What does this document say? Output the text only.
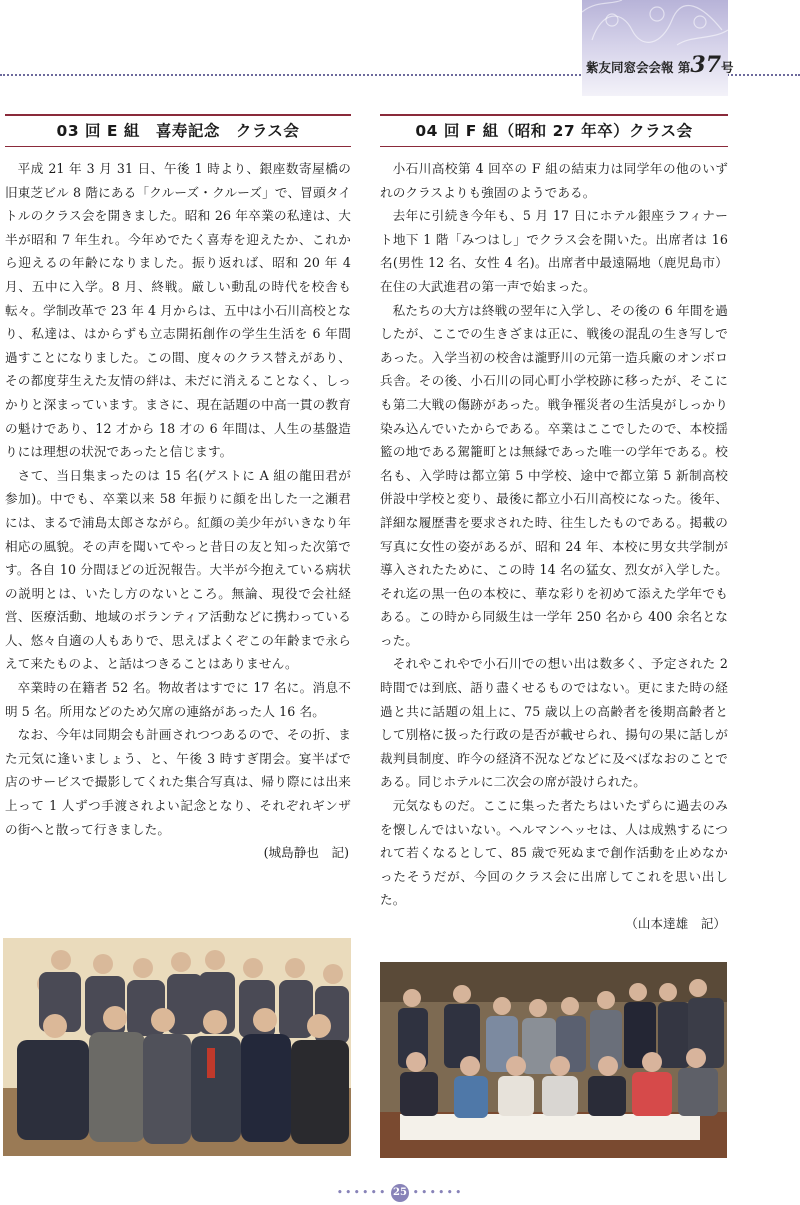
紫友同窓会会報 第37号
03 回 E 組　喜寿記念　クラス会

平成 21 年 3 月 31 日、午後 1 時より、銀座数寄屋橋の旧東芝ビル 8 階にある「クルーズ・クルーズ」で、冒頭タイトルのクラス会を開きました。昭和 26 年卒業の私達は、大半が昭和 7 年生れ。今年めでたく喜寿を迎えたか、これから迎えるの年齢になりました。振り返れば、昭和 20 年 4 月、五中に入学。8 月、終戦。厳しい動乱の時代を校舎も転々。学制改革で 23 年 4 月からは、五中は小石川高校となり、私達は、はからずも立志開拓創作の学生生活を 6 年間過すことになりました。この間、度々のクラス替えがあり、その都度芽生えた友情の絆は、未だに消えることなく、しっかりと深まっています。まさに、現在話題の中高一貫の教育の魁けであり、12 才から 18 才の 6 年間は、人生の基盤造りには理想の状況であったと信じます。

さて、当日集まったのは 15 名(ゲストに A 組の龍田君が参加)。中でも、卒業以来 58 年振りに顔を出した一之瀬君には、まるで浦島太郎さながら。紅顔の美少年がいきなり年相応の風貌。その声を聞いてやっと昔日の友と知った次第です。各自 10 分間ほどの近況報告。大半が今抱えている病状の説明とは、いたし方のないところ。無論、現役で会社経営、医療活動、地域のボランティア活動などに携わっている人、悠々自適の人もありで、思えばよくぞこの年齢まで永らえて来たものよ、と話はつきることはありません。

卒業時の在籍者 52 名。物故者はすでに 17 名に。消息不明 5 名。所用などのため欠席の連絡があった人 16 名。

なお、今年は同期会も計画されつつあるので、その折、また元気に逢いましょう、と、午後 3 時すぎ閉会。宴半ばで店のサービスで撮影してくれた集合写真は、帰り際には出来上って 1 人ずつ手渡されよい記念となり、それぞれギンザの街へと散って行きました。

(城島静也　記)
04 回 F 組（昭和 27 年卒）クラス会

小石川高校第 4 回卒の F 組の結束力は同学年の他のいずれのクラスよりも強固のようである。

去年に引続き今年も、5 月 17 日にホテル銀座ラフィナート地下 1 階「みつはし」でクラス会を開いた。出席者は 16 名(男性 12 名、女性 4 名)。出席者中最遠隔地（鹿児島市）在住の大武進君の第一声で始まった。

私たちの大方は終戦の翌年に入学し、その後の 6 年間を過したが、ここでの生きざまは正に、戦後の混乱の生き写しであった。入学当初の校舎は瀧野川の元第一造兵廠のオンボロ兵舎。その後、小石川の同心町小学校跡に移ったが、そこにも第二大戦の傷跡があった。戦争罹災者の生活臭がしっかり染み込んでいたからである。卒業はここでしたので、本校揺籃の地である駕籠町とは無縁であった唯一の学年である。校名も、入学時は都立第 5 中学校、途中で都立第 5 新制高校併設中学校と変り、最後に都立小石川高校になった。後年、詳細な履歴書を要求された時、往生したものである。掲載の写真に女性の姿があるが、昭和 24 年、本校に男女共学制が導入されたために、この時 14 名の猛女、烈女が入学した。それ迄の黒一色の本校に、華な彩りを初めて添えた学年でもある。この時から同級生は一学年 250 名から 400 余名となった。

それやこれやで小石川での想い出は数多く、予定された 2 時間では到底、語り盡くせるものではない。更にまた時の経過と共に話題の俎上に、75 歳以上の高齢者を後期高齢者として別格に扱った行政の是否が載せられ、揚句の果に話しが裁判員制度、昨今の経済不況などなどに及べばなおのことである。同じホテルに二次会の席が設けられた。

元気なものだ。ここに集った者たちはいたずらに過去のみを懐しんではいない。ヘルマンヘッセは、人は成熟するにつれて若くなるとして、85 歳で死ぬまで創作活動を止めなかったそうだが、今回のクラス会に出席してこれを思い出した。

（山本達雄　記）
•••••• 25 ••••••
